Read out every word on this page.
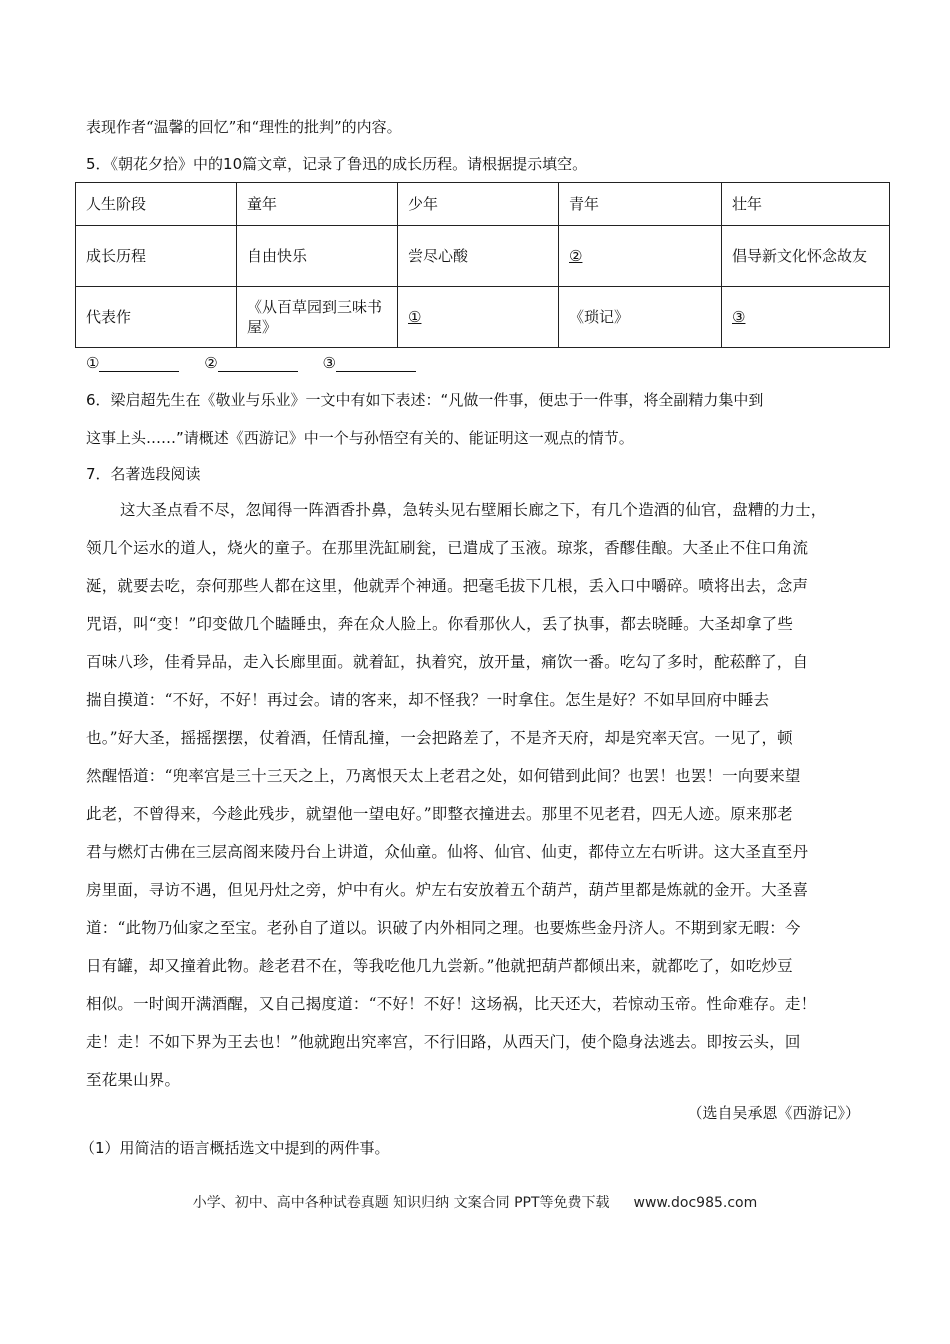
表现作者“温馨的回忆”和“理性的批判”的内容。
5．《朝花夕拾》中的10篇文章，记录了鲁迅的成长历程。请根据提示填空。
人生阶段	童年	少年	青年	壮年
成长历程	自由快乐	尝尽心酸	②	倡导新文化怀念故友
代表作	《从百草园到三味书屋》	①	《琐记》	③
①	②	③
6．梁启超先生在《敬业与乐业》一文中有如下表述：“凡做一件事，便忠于一件事，将全副精力集中到
这事上头……”请概述《西游记》中一个与孙悟空有关的、能证明这一观点的情节。
7．名著选段阅读
这大圣点看不尽，忽闻得一阵酒香扑鼻，急转头见右壁厢长廊之下，有几个造酒的仙官，盘糟的力士，
领几个运水的道人，烧火的童子。在那里洗缸刷瓮，已遣成了玉液。琼浆，香醪佳酿。大圣止不住口角流
涎，就要去吃，奈何那些人都在这里，他就弄个神通。把毫毛拔下几根，丢入口中嚼碎。喷将出去，念声
咒语，叫“变！”印变做几个瞌睡虫，奔在众人脸上。你看那伙人，丢了执事，都去晓睡。大圣却拿了些
百味八珍，佳肴异品，走入长廊里面。就着缸，执着究，放开量，痛饮一番。吃勾了多时，酡菘醉了，自
揣自摸道：“不好，不好！再过会。请的客来，却不怪我？一时拿住。怎生是好？不如早回府中睡去
也。”好大圣，摇摇摆摆，仗着酒，任情乱撞，一会把路差了，不是齐天府，却是究率天宫。一见了，顿
然醒悟道：“兜率宫是三十三天之上，乃离恨天太上老君之处，如何错到此间？也罢！也罢！一向要来望
此老，不曾得来，今趁此残步，就望他一望电好。”即整衣撞进去。那里不见老君，四无人迹。原来那老
君与燃灯古佛在三层高阁来陵丹台上讲道，众仙童。仙将、仙官、仙吏，都侍立左右听讲。这大圣直至丹
房里面，寻访不遇，但见丹灶之旁，炉中有火。炉左右安放着五个葫芦，葫芦里都是炼就的金开。大圣喜
道：“此物乃仙家之至宝。老孙自了道以。识破了内外相同之理。也要炼些金丹济人。不期到家无暇：今
日有罐，却又撞着此物。趁老君不在，等我吃他几九尝新。”他就把葫芦都倾出来，就都吃了，如吃炒豆
相似。一时闽开满酒醒，又自己揭度道：“不好！不好！这场祸，比天还大，若惊动玉帝。性命难存。走！
走！走！不如下界为王去也！”他就跑出究率宫，不行旧路，从西天门，使个隐身法逃去。即按云头，回
至花果山界。
（选自吴承恩《西游记》）
（1）用简洁的语言概括选文中提到的两件事。
小学、初中、高中各种试卷真题 知识归纳 文案合同 PPT等免费下载 www.doc985.com
